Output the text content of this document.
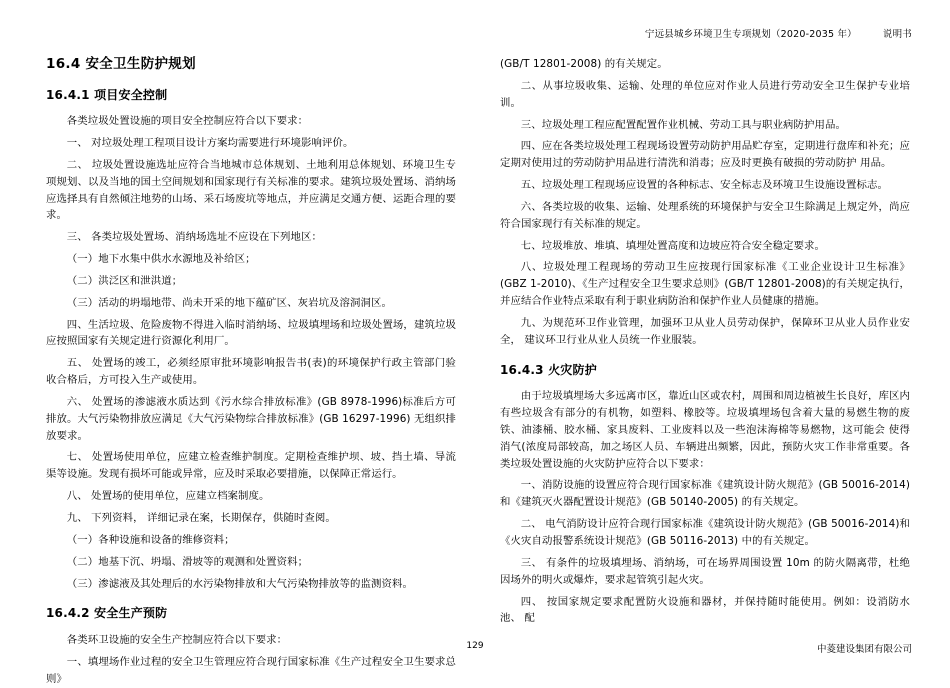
宁远县城乡环境卫生专项规划（2020-2035 年）	说明书
16.4 安全卫生防护规划
16.4.1 项目安全控制

各类垃圾处置设施的项目安全控制应符合以下要求：

一、 对垃圾处理工程项目设计方案均需要进行环境影响评价。

二、 垃圾处置设施选址应符合当地城市总体规划、土地利用总体规划、环境卫生专项规划、以及当地的国土空间规划和国家现行有关标准的要求。建筑垃圾处置场、消纳场应选择具有自然倾注地势的山场、采石场废坑等地点，并应满足交通方便、运距合理的要求。

三、 各类垃圾处置场、消纳场选址不应设在下列地区：

（一）地下水集中供水水源地及补给区；

（二）洪泛区和泄洪道；

（三）活动的坍塌地带、尚未开采的地下蕴矿区、灰岩坑及溶洞洞区。

四、生活垃圾、危险废物不得进入临时消纳场、垃圾填埋场和垃圾处置场，建筑垃圾应按照国家有关规定进行资源化利用厂。

五、 处置场的竣工，必须经原审批环境影响报告书(表)的环境保护行政主管部门验收合格后，方可投入生产或使用。

六、 处置场的渗滤液水质达到《污水综合排放标准》(GB 8978-1996)标准后方可排放。大气污染物排放应满足《大气污染物综合排放标准》(GB 16297-1996) 无组织排放要求。

七、 处置场使用单位，应建立检查维护制度。定期检查维护坝、坡、挡土墙、导流渠等设施。发现有损坏可能或异常，应及时采取必要措施，以保障正常运行。

八、 处置场的使用单位，应建立档案制度。

九、 下列资料， 详细记录在案，长期保存，供随时查阅。

（一）各种设施和设备的维修资料；

（二）地基下沉、坍塌、滑坡等的观测和处置资料；

（三）渗滤液及其处理后的水污染物排放和大气污染物排放等的监测资料。

16.4.2 安全生产预防

各类环卫设施的安全生产控制应符合以下要求：

一、填埋场作业过程的安全卫生管理应符合现行国家标准《生产过程安全卫生要求总则》

(GB/T 12801-2008) 的有关规定。

二、从事垃圾收集、运输、处理的单位应对作业人员进行劳动安全卫生保护专业培训。

三、垃圾处理工程应配置配置作业机械、劳动工具与职业病防护用品。

四、应在各类垃圾处理工程现场设置劳动防护用品贮存室，定期进行盘库和补充；应定期对使用过的劳动防护用品进行清洗和消毒；应及时更换有破损的劳动防护 用品。

五、垃圾处理工程现场应设置的各种标志、安全标志及环境卫生设施设置标志。

六、各类垃圾的收集、运输、处理系统的环境保护与安全卫生除满足上规定外，尚应符合国家现行有关标准的规定。

七、垃圾堆放、堆填、填埋处置高度和边坡应符合安全稳定要求。

八、垃圾处理工程现场的劳动卫生应按现行国家标准《工业企业设计卫生标准》(GBZ 1-2010)、《生产过程安全卫生要求总则》(GB/T 12801-2008)的有关规定执行，并应结合作业特点采取有利于职业病防治和保护作业人员健康的措施。

九、为规范环卫作业管理，加强环卫从业人员劳动保护，保障环卫从业人员作业安全， 建议环卫行业从业人员统一作业服装。

16.4.3 火灾防护

由于垃圾填埋场大多远离市区，靠近山区或农村，周围和周边植被生长良好，库区内有些垃圾含有部分的有机物，如塑料、橡胶等。垃圾填埋场包含着大量的易燃生物的废铁、油漆桶、胶水桶、家具废料、工业废料以及一些泡沫海棉等易燃物，这可能会 使得消气(浓度局部较高，加之场区人员、车辆进出频繁，因此，预防火灾工作非常重要。各类垃圾处置设施的火灾防护应符合以下要求：

一、消防设施的设置应符合现行国家标准《建筑设计防火规范》(GB 50016-2014)和《建筑灭火器配置设计规范》(GB 50140-2005) 的有关规定。

二、 电气消防设计应符合现行国家标准《建筑设计防火规范》(GB 50016-2014)和《火灾自动报警系统设计规范》(GB 50116-2013) 中的有关规定。

三、 有条件的垃圾填埋场、消纳场，可在场界周围设置 10m 的防火隔离带，杜绝因场外的明火或爆炸，要求起管筑引起火灾。

四、 按国家规定要求配置防火设施和器材，并保持随时能使用。例如：设消防水池、 配

129	中菱建设集团有限公司
